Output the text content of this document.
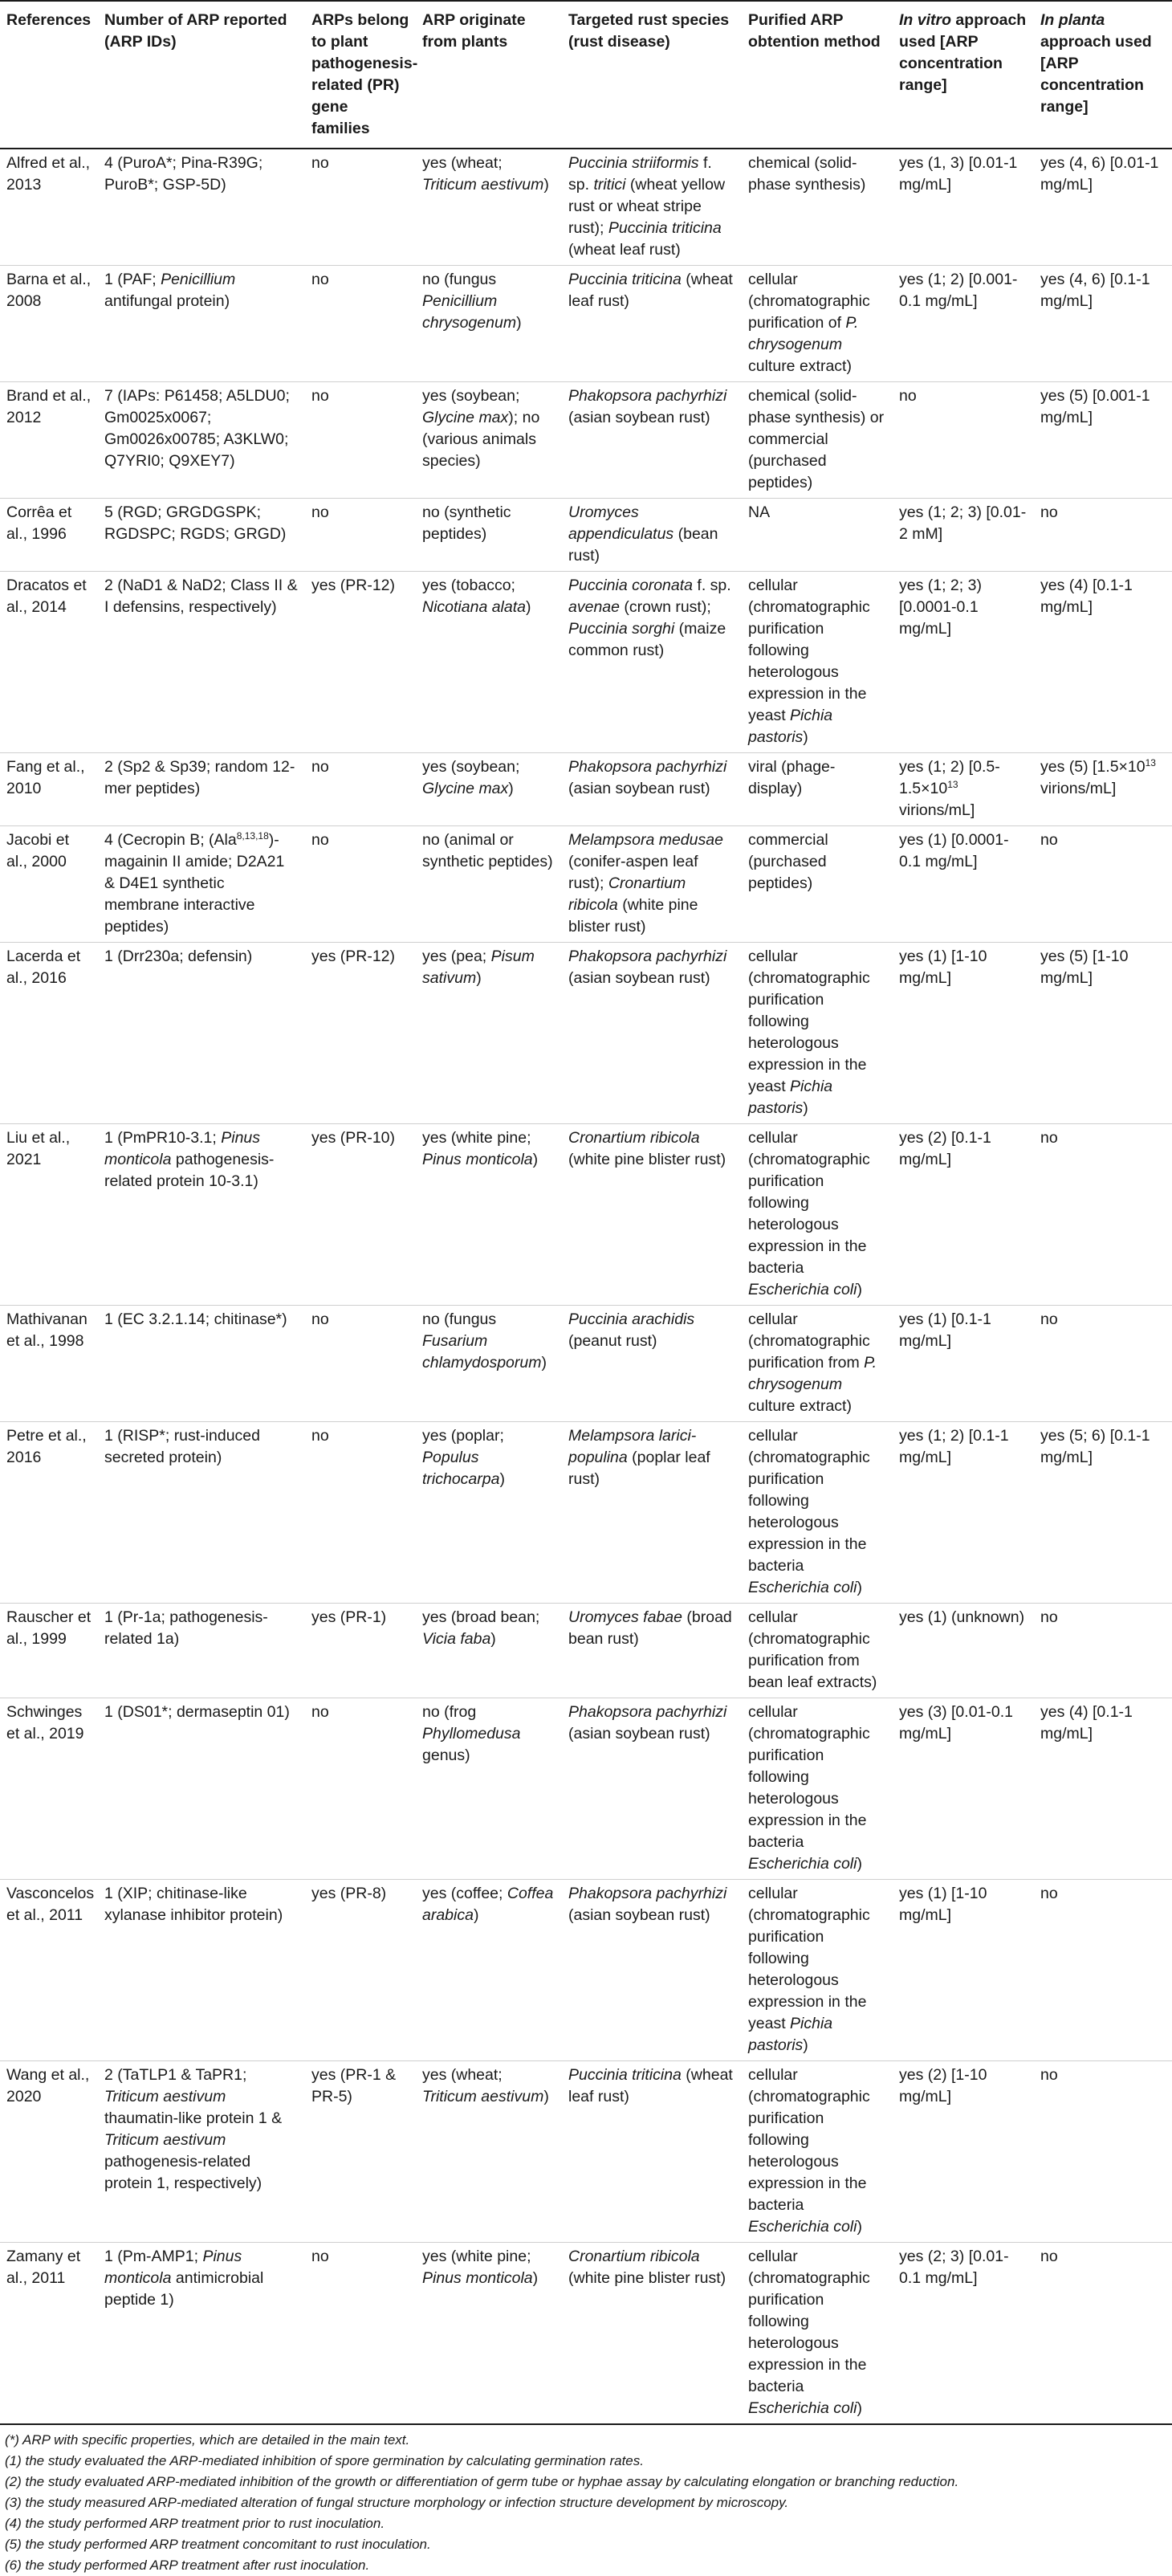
References	Number of ARP reported (ARP IDs)	ARPs belong to plant pathogenesis-related (PR) gene families	ARP originate from plants	Targeted rust species (rust disease)	Purified ARP obtention method	In vitro approach used [ARP concentration range]	In planta approach used [ARP concentration range]
Alfred et al., 2013	4 (PuroA*; Pina-R39G; PuroB*; GSP-5D)	no	yes (wheat; Triticum aestivum)	Puccinia striiformis f. sp. tritici (wheat yellow rust or wheat stripe rust); Puccinia triticina (wheat leaf rust)	chemical (solid-phase synthesis)	yes (1, 3) [0.01-1 mg/mL]	yes (4, 6) [0.01-1 mg/mL]
Barna et al., 2008	1 (PAF; Penicillium antifungal protein)	no	no (fungus Penicillium chrysogenum)	Puccinia triticina (wheat leaf rust)	cellular (chromatographic purification of P. chrysogenum culture extract)	yes (1; 2) [0.001-0.1 mg/mL]	yes (4, 6) [0.1-1 mg/mL]
Brand et al., 2012	7 (IAPs: P61458; A5LDU0; Gm0025x0067; Gm0026x00785; A3KLW0; Q7YRI0; Q9XEY7)	no	yes (soybean; Glycine max); no (various animals species)	Phakopsora pachyrhizi (asian soybean rust)	chemical (solid-phase synthesis) or commercial (purchased peptides)	no	yes (5) [0.001-1 mg/mL]
Corrêa et al., 1996	5 (RGD; GRGDGSPK; RGDSPC; RGDS; GRGD)	no	no (synthetic peptides)	Uromyces appendiculatus (bean rust)	NA	yes (1; 2; 3) [0.01-2 mM]	no
Dracatos et al., 2014	2 (NaD1 & NaD2; Class II & I defensins, respectively)	yes (PR-12)	yes (tobacco; Nicotiana alata)	Puccinia coronata f. sp. avenae (crown rust); Puccinia sorghi (maize common rust)	cellular (chromatographic purification following heterologous expression in the yeast Pichia pastoris)	yes (1; 2; 3) [0.0001-0.1 mg/mL]	yes (4) [0.1-1 mg/mL]
Fang et al., 2010	2 (Sp2 & Sp39; random 12-mer peptides)	no	yes (soybean; Glycine max)	Phakopsora pachyrhizi (asian soybean rust)	viral (phage-display)	yes (1; 2) [0.5- $1.5\times 10^{13}$ virions/mL]	yes (5) [$1.5\times 10^{13}$ virions/mL]
Jacobi et al., 2000	4 (Cecropin B; (Ala$^{8,13,18}$)-magainin II amide; D2A21 & D4E1 synthetic membrane interactive peptides)	no	no (animal or synthetic peptides)	Melampsora medusae (conifer-aspen leaf rust); Cronartium ribicola (white pine blister rust)	commercial (purchased peptides)	yes (1) [0.0001-0.1 mg/mL]	no
Lacerda et al., 2016	1 (Drr230a; defensin)	yes (PR-12)	yes (pea; Pisum sativum)	Phakopsora pachyrhizi (asian soybean rust)	cellular (chromatographic purification following heterologous expression in the yeast Pichia pastoris)	yes (1) [1-10 mg/mL]	yes (5) [1-10 mg/mL]
Liu et al., 2021	1 (PmPR10-3.1; Pinus monticola pathogenesis-related protein 10-3.1)	yes (PR-10)	yes (white pine; Pinus monticola)	Cronartium ribicola (white pine blister rust)	cellular (chromatographic purification following heterologous expression in the bacteria Escherichia coli)	yes (2) [0.1-1 mg/mL]	no
Mathivanan et al., 1998	1 (EC 3.2.1.14; chitinase*)	no	no (fungus Fusarium chlamydosporum)	Puccinia arachidis (peanut rust)	cellular (chromatographic purification from P. chrysogenum culture extract)	yes (1) [0.1-1 mg/mL]	no
Petre et al., 2016	1 (RISP*; rust-induced secreted protein)	no	yes (poplar; Populus trichocarpa)	Melampsora larici-populina (poplar leaf rust)	cellular (chromatographic purification following heterologous expression in the bacteria Escherichia coli)	yes (1; 2) [0.1-1 mg/mL]	yes (5; 6) [0.1-1 mg/mL]
Rauscher et al., 1999	1 (Pr-1a; pathogenesis-related 1a)	yes (PR-1)	yes (broad bean; Vicia faba)	Uromyces fabae (broad bean rust)	cellular (chromatographic purification from bean leaf extracts)	yes (1) (unknown)	no
Schwinges et al., 2019	1 (DS01*; dermaseptin 01)	no	no (frog Phyllomedusa genus)	Phakopsora pachyrhizi (asian soybean rust)	cellular (chromatographic purification following heterologous expression in the bacteria Escherichia coli)	yes (3) [0.01-0.1 mg/mL]	yes (4) [0.1-1 mg/mL]
Vasconcelos et al., 2011	1 (XIP; chitinase-like xylanase inhibitor protein)	yes (PR-8)	yes (coffee; Coffea arabica)	Phakopsora pachyrhizi (asian soybean rust)	cellular (chromatographic purification following heterologous expression in the yeast Pichia pastoris)	yes (1) [1-10 mg/mL]	no
Wang et al., 2020	2 (TaTLP1 & TaPR1; Triticum aestivum thaumatin-like protein 1 & Triticum aestivum pathogenesis-related protein 1, respectively)	yes (PR-1 & PR-5)	yes (wheat; Triticum aestivum)	Puccinia triticina (wheat leaf rust)	cellular (chromatographic purification following heterologous expression in the bacteria Escherichia coli)	yes (2) [1-10 mg/mL]	no
Zamany et al., 2011	1 (Pm-AMP1; Pinus monticola antimicrobial peptide 1)	no	yes (white pine; Pinus monticola)	Cronartium ribicola (white pine blister rust)	cellular (chromatographic purification following heterologous expression in the bacteria Escherichia coli)	yes (2; 3) [0.01-0.1 mg/mL]	no
(*) ARP with specific properties, which are detailed in the main text.
(1) the study evaluated the ARP-mediated inhibition of spore germination by calculating germination rates.
(2) the study evaluated ARP-mediated inhibition of the growth or differentiation of germ tube or hyphae assay by calculating elongation or branching reduction.
(3) the study measured ARP-mediated alteration of fungal structure morphology or infection structure development by microscopy.
(4) the study performed ARP treatment prior to rust inoculation.
(5) the study performed ARP treatment concomitant to rust inoculation.
(6) the study performed ARP treatment after rust inoculation.
